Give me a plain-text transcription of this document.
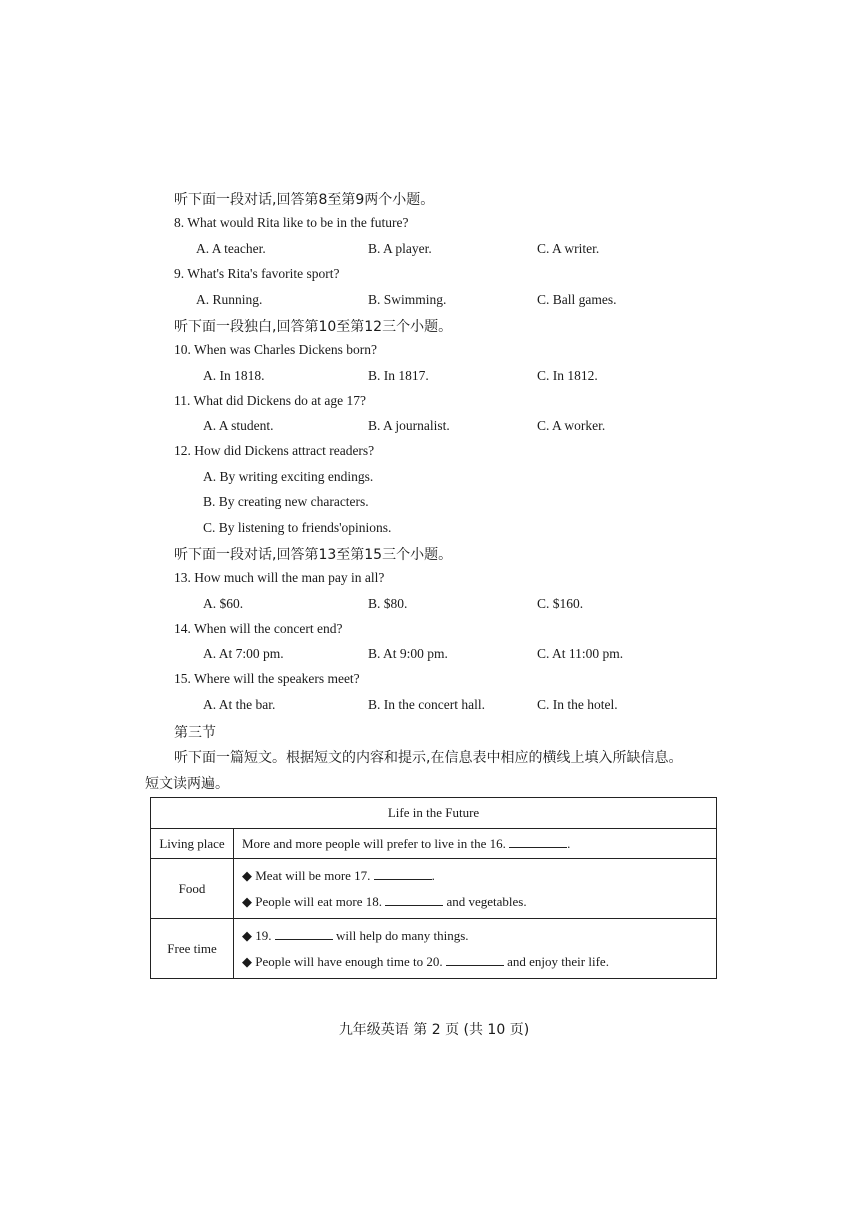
听下面一段对话,回答第8至第9两个小题。
8. What would Rita like to be in the future?
A. A teacher.	B. A player.	C. A writer.
9. What's Rita's favorite sport?
A. Running.	B. Swimming.	C. Ball games.
听下面一段独白,回答第10至第12三个小题。
10. When was Charles Dickens born?
A. In 1818.	B. In 1817.	C. In 1812.
11. What did Dickens do at age 17?
A. A student.	B. A journalist.	C. A worker.
12. How did Dickens attract readers?
A. By writing exciting endings.
B. By creating new characters.
C. By listening to friends'opinions.
听下面一段对话,回答第13至第15三个小题。
13. How much will the man pay in all?
A. $60.	B. $80.	C. $160.
14. When will the concert end?
A. At 7:00 pm.	B. At 9:00 pm.	C. At 11:00 pm.
15. Where will the speakers meet?
A. At the bar.	B. In the concert hall.	C. In the hotel.
第三节
听下面一篇短文。根据短文的内容和提示,在信息表中相应的横线上填入所缺信息。
短文读两遍。
Life in the Future	
Living place	More and more people will prefer to live in the 16. .
Food	◆ Meat will be more 17. .
◆ People will eat more 18. and vegetables.

Free time	◆ 19. will help do many things.
◆ People will have enough time to 20. and enjoy their life.
九年级英语 第 2 页 (共 10 页)
